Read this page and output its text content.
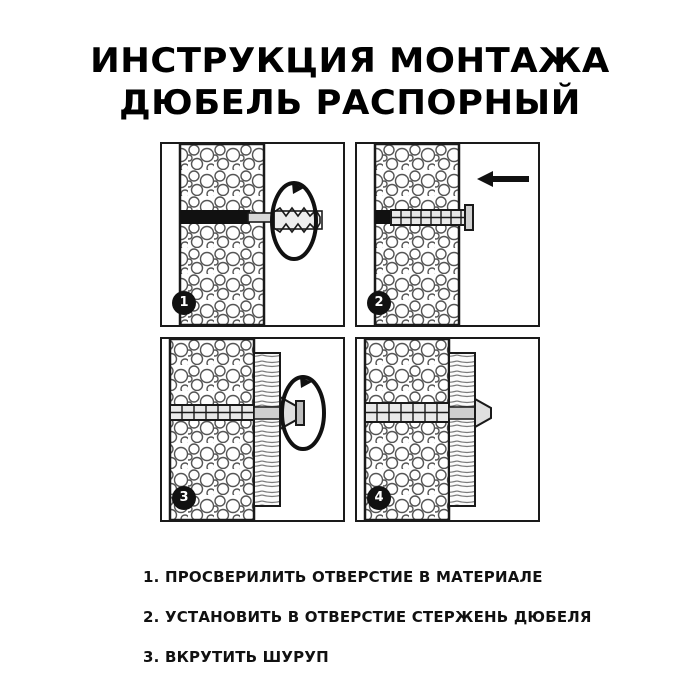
ИНСТРУКЦИЯ МОНТАЖА
ДЮБЕЛЬ РАСПОРНЫЙ
1	2
3	4
1. ПРОСВЕРИЛИТЬ ОТВЕРСТИЕ В МАТЕРИАЛЕ
2. УСТАНОВИТЬ В ОТВЕРСТИЕ СТЕРЖЕНЬ ДЮБЕЛЯ
3. ВКРУТИТЬ ШУРУП
